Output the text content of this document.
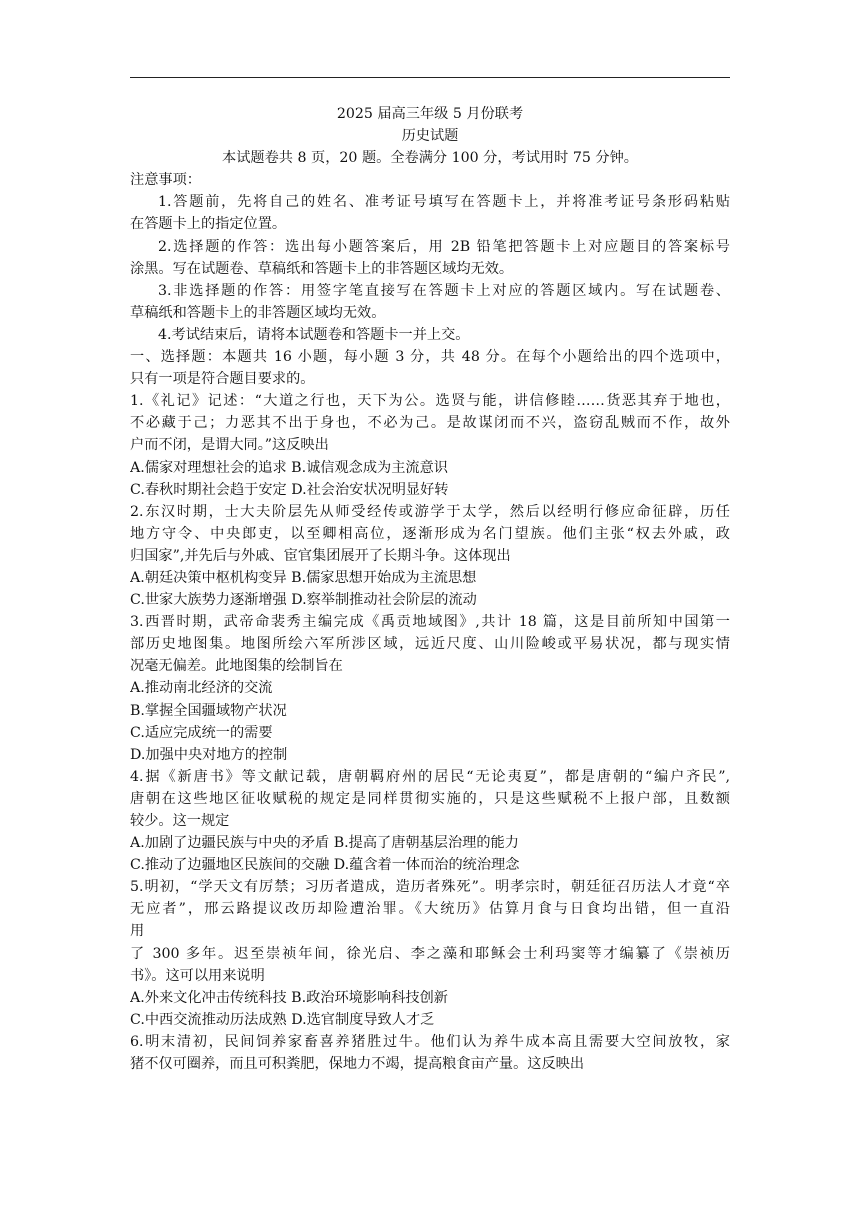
2025 届高三年级 5 月份联考
历史试题
本试题卷共 8 页，20 题。全卷满分 100 分，考试用时 75 分钟。
注意事项：
1.答题前，先将自己的姓名、准考证号填写在答题卡上，并将准考证号条形码粘贴
在答题卡上的指定位置。
2.选择题的作答：选出每小题答案后，用 2B 铅笔把答题卡上对应题目的答案标号
涂黑。写在试题卷、草稿纸和答题卡上的非答题区域均无效。
3.非选择题的作答：用签字笔直接写在答题卡上对应的答题区域内。写在试题卷、
草稿纸和答题卡上的非答题区域均无效。
4.考试结束后，请将本试题卷和答题卡一并上交。
一、选择题：本题共 16 小题，每小题 3 分，共 48 分。在每个小题给出的四个选项中，
只有一项是符合题目要求的。
1.《礼记》记述：“大道之行也，天下为公。选贤与能，讲信修睦……货恶其弃于地也，
不必藏于己；力恶其不出于身也，不必为己。是故谋闭而不兴，盗窃乱贼而不作，故外
户而不闭，是谓大同。”这反映出
A.儒家对理想社会的追求 B.诚信观念成为主流意识
C.春秋时期社会趋于安定 D.社会治安状况明显好转
2.东汉时期，士大夫阶层先从师受经传或游学于太学，然后以经明行修应命征辟，历任
地方守令、中央郎吏，以至卿相高位，逐渐形成为名门望族。他们主张“权去外戚，政
归国家”,并先后与外戚、宦官集团展开了长期斗争。这体现出
A.朝廷决策中枢机构变异 B.儒家思想开始成为主流思想
C.世家大族势力逐渐增强 D.察举制推动社会阶层的流动
3.西晋时期，武帝命裴秀主编完成《禹贡地域图》,共计 18 篇，这是目前所知中国第一
部历史地图集。地图所绘六军所涉区域，远近尺度、山川险峻或平易状况，都与现实情
况毫无偏差。此地图集的绘制旨在
A.推动南北经济的交流
B.掌握全国疆域物产状况
C.适应完成统一的需要
D.加强中央对地方的控制
4.据《新唐书》等文献记载，唐朝羁府州的居民“无论夷夏”，都是唐朝的“编户齐民”,
唐朝在这些地区征收赋税的规定是同样贯彻实施的，只是这些赋税不上报户部，且数额
较少。这一规定
A.加剧了边疆民族与中央的矛盾 B.提高了唐朝基层治理的能力
C.推动了边疆地区民族间的交融 D.蕴含着一体而治的统治理念
5.明初，“学天文有厉禁；习历者遣成，造历者殊死”。明孝宗时，朝廷征召历法人才竟“卒
无应者”，邢云路提议改历却险遭治罪。《大统历》估算月食与日食均出错，但一直沿
用
了 300 多年。迟至崇祯年间，徐光启、李之藻和耶稣会士利玛窦等才编纂了《崇祯历
书》。这可以用来说明
A.外来文化冲击传统科技 B.政治环境影响科技创新
C.中西交流推动历法成熟 D.选官制度导致人才乏
6.明末清初，民间饲养家畜喜养猪胜过牛。他们认为养牛成本高且需要大空间放牧，家
猪不仅可圈养，而且可积粪肥，保地力不竭，提高粮食亩产量。这反映出
